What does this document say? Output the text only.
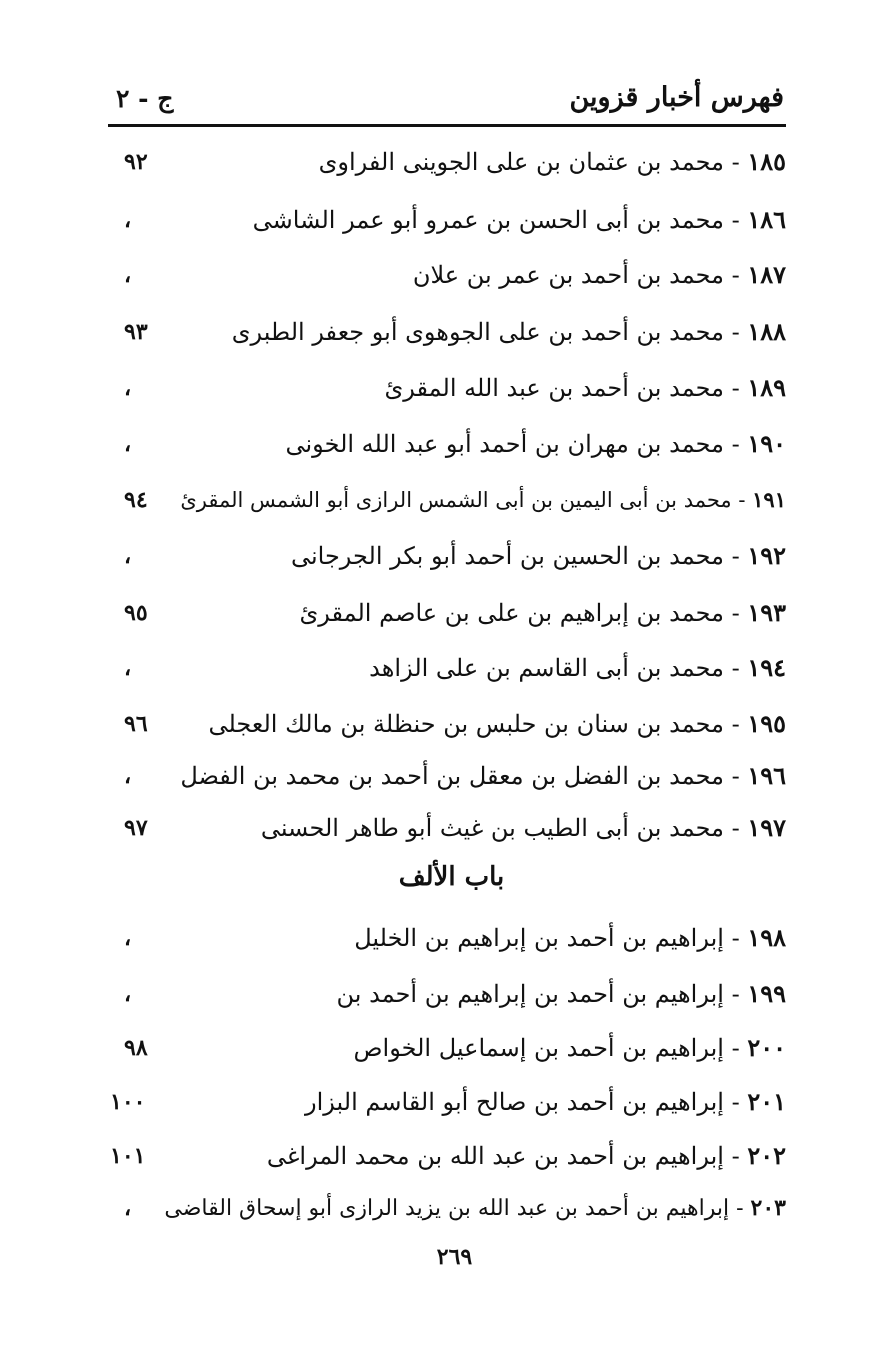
فهرس أخبار قزوين
ج - ٢
١٨٥ - محمد بن عثمان بن على الجوينى الفراوى
٩٢
١٨٦ - محمد بن أبى الحسن بن عمرو أبو عمر الشاشى
،
١٨٧ - محمد بن أحمد بن عمر بن علان
،
١٨٨ - محمد بن أحمد بن على الجوهوى أبو جعفر الطبرى
٩٣
١٨٩ - محمد بن أحمد بن عبد الله المقرئ
،
١٩٠ - محمد بن مهران بن أحمد أبو عبد الله الخونى
،
١٩١ - محمد بن أبى اليمين بن أبى الشمس الرازى أبو الشمس المقرئ
٩٤
١٩٢ - محمد بن الحسين بن أحمد أبو بكر الجرجانى
،
١٩٣ - محمد بن إبراهيم بن على بن عاصم المقرئ
٩٥
١٩٤ - محمد بن أبى القاسم بن على الزاهد
،
١٩٥ - محمد بن سنان بن حلبس بن حنظلة بن مالك العجلى
٩٦
١٩٦ - محمد بن الفضل بن معقل بن أحمد بن محمد بن الفضل
،
١٩٧ - محمد بن أبى الطيب بن غيث أبو طاهر الحسنى
٩٧
١٩٨ - إبراهيم بن أحمد بن إبراهيم بن الخليل
،
١٩٩ - إبراهيم بن أحمد بن إبراهيم بن أحمد بن
،
٢٠٠ - إبراهيم بن أحمد بن إسماعيل الخواص
٩٨
٢٠١ - إبراهيم بن أحمد بن صالح أبو القاسم البزار
١٠٠
٢٠٢ - إبراهيم بن أحمد بن عبد الله بن محمد المراغى
١٠١
٢٠٣ - إبراهيم بن أحمد بن عبد الله بن يزيد الرازى أبو إسحاق القاضى
،
باب الألف
٢٦٩
